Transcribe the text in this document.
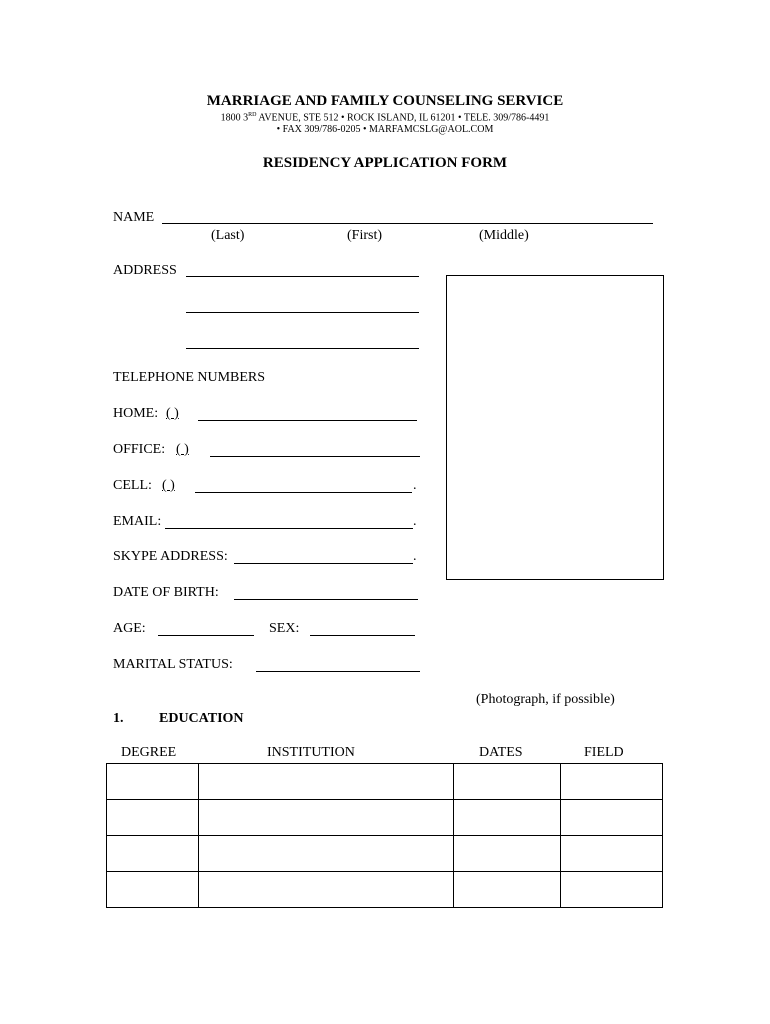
MARRIAGE AND FAMILY COUNSELING SERVICE
1800 3RD AVENUE, STE 512 • ROCK ISLAND, IL 61201 • TELE. 309/786-4491
• FAX 309/786-0205 • MARFAMCSLG@AOL.COM
RESIDENCY APPLICATION FORM
NAME
(Last)	(First)	(Middle)
ADDRESS
TELEPHONE NUMBERS
HOME: ( )
OFFICE: ( )
CELL: ( )	.
EMAIL:	.
SKYPE ADDRESS:	.
DATE OF BIRTH:
AGE:	SEX:
MARITAL STATUS:
(Photograph, if possible)
1.	EDUCATION
DEGREE	INSTITUTION	DATES	FIELD
